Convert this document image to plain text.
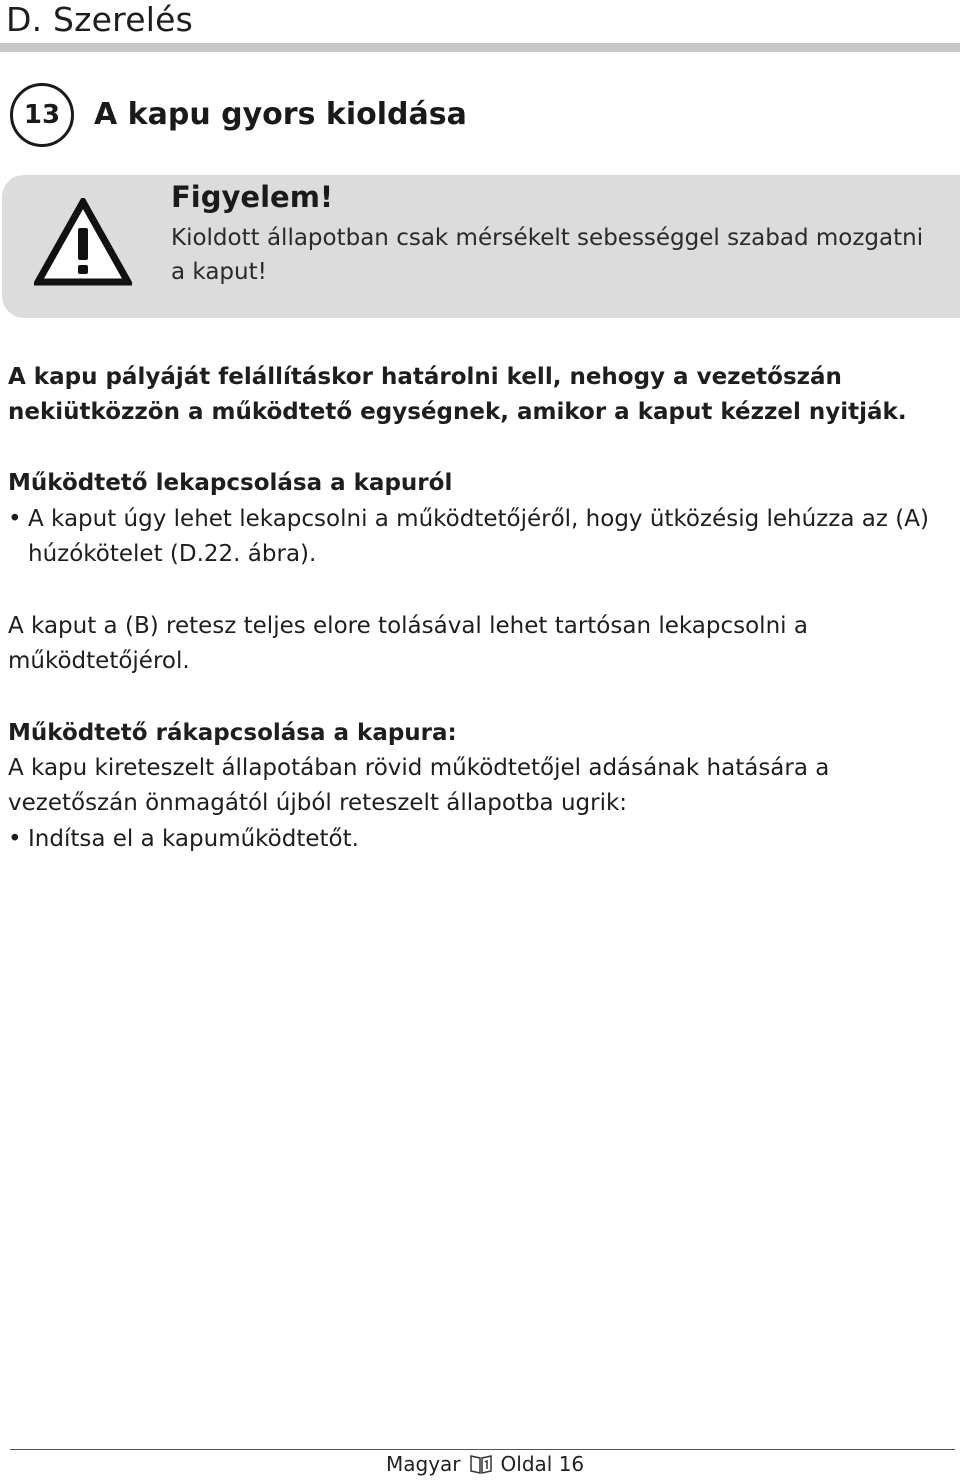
D. Szerelés
13	A kapu gyors kioldása
Figyelem!
Kioldott állapotban csak mérsékelt sebességgel szabad mozgatni a kaput!
A kapu pályáját felállításkor határolni kell, nehogy a vezetőszán nekiütközzön a működtető egységnek, amikor a kaput kézzel nyitják.
Működtető lekapcsolása a kapuról
• A kaput úgy lehet lekapcsolni a működtetőjéről, hogy ütközésig lehúzza az (A) húzókötelet (D.22. ábra).
A kaput a (B) retesz teljes elore tolásával lehet tartósan lekapcsolni a működtetőjérol.
Működtető rákapcsolása a kapura:
A kapu kireteszelt állapotában rövid működtetőjel adásának hatására a vezetőszán önmagától újból reteszelt állapotba ugrik:
• Indítsa el a kapuműködtetőt.
Magyar Oldal 16
